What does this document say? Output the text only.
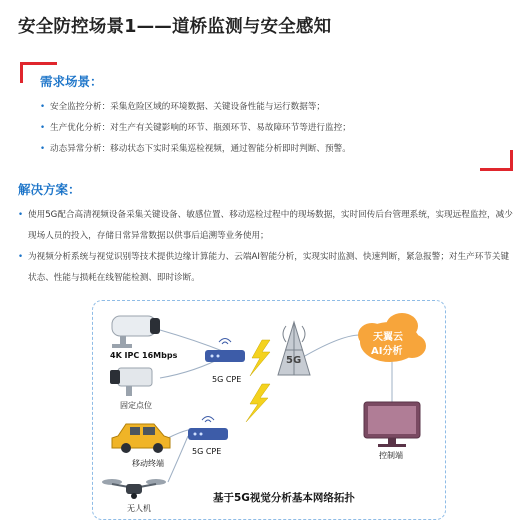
安全防控场景1——道桥监测与安全感知
需求场景：
• 安全监控分析：采集危险区域的环境数据、关键设备性能与运行数据等；
• 生产优化分析：对生产有关键影响的环节、瓶颈环节、易故障环节等进行监控；
• 动态异常分析：移动状态下实时采集巡检视频，通过智能分析即时判断、预警。
解决方案：
• 使用5G配合高清视频设备采集关键设备、敏感位置、移动巡检过程中的现场数据，实时回传后台管理系统，实现远程监控，减少现场人员的投入，存储日常异常数据以供事后追溯等业务使用；
• 为视频分析系统与视觉识别等技术提供边缘计算能力、云端AI智能分析，实现实时监测、快速判断，紧急报警；对生产环节关键状态、性能与损耗在线智能检测、即时诊断。
4K IPC 16Mbps
固定点位
5G CPE
5G CPE
移动终端
无人机
天翼云
AI分析
5G
控制端
基于5G视觉分析基本网络拓扑
